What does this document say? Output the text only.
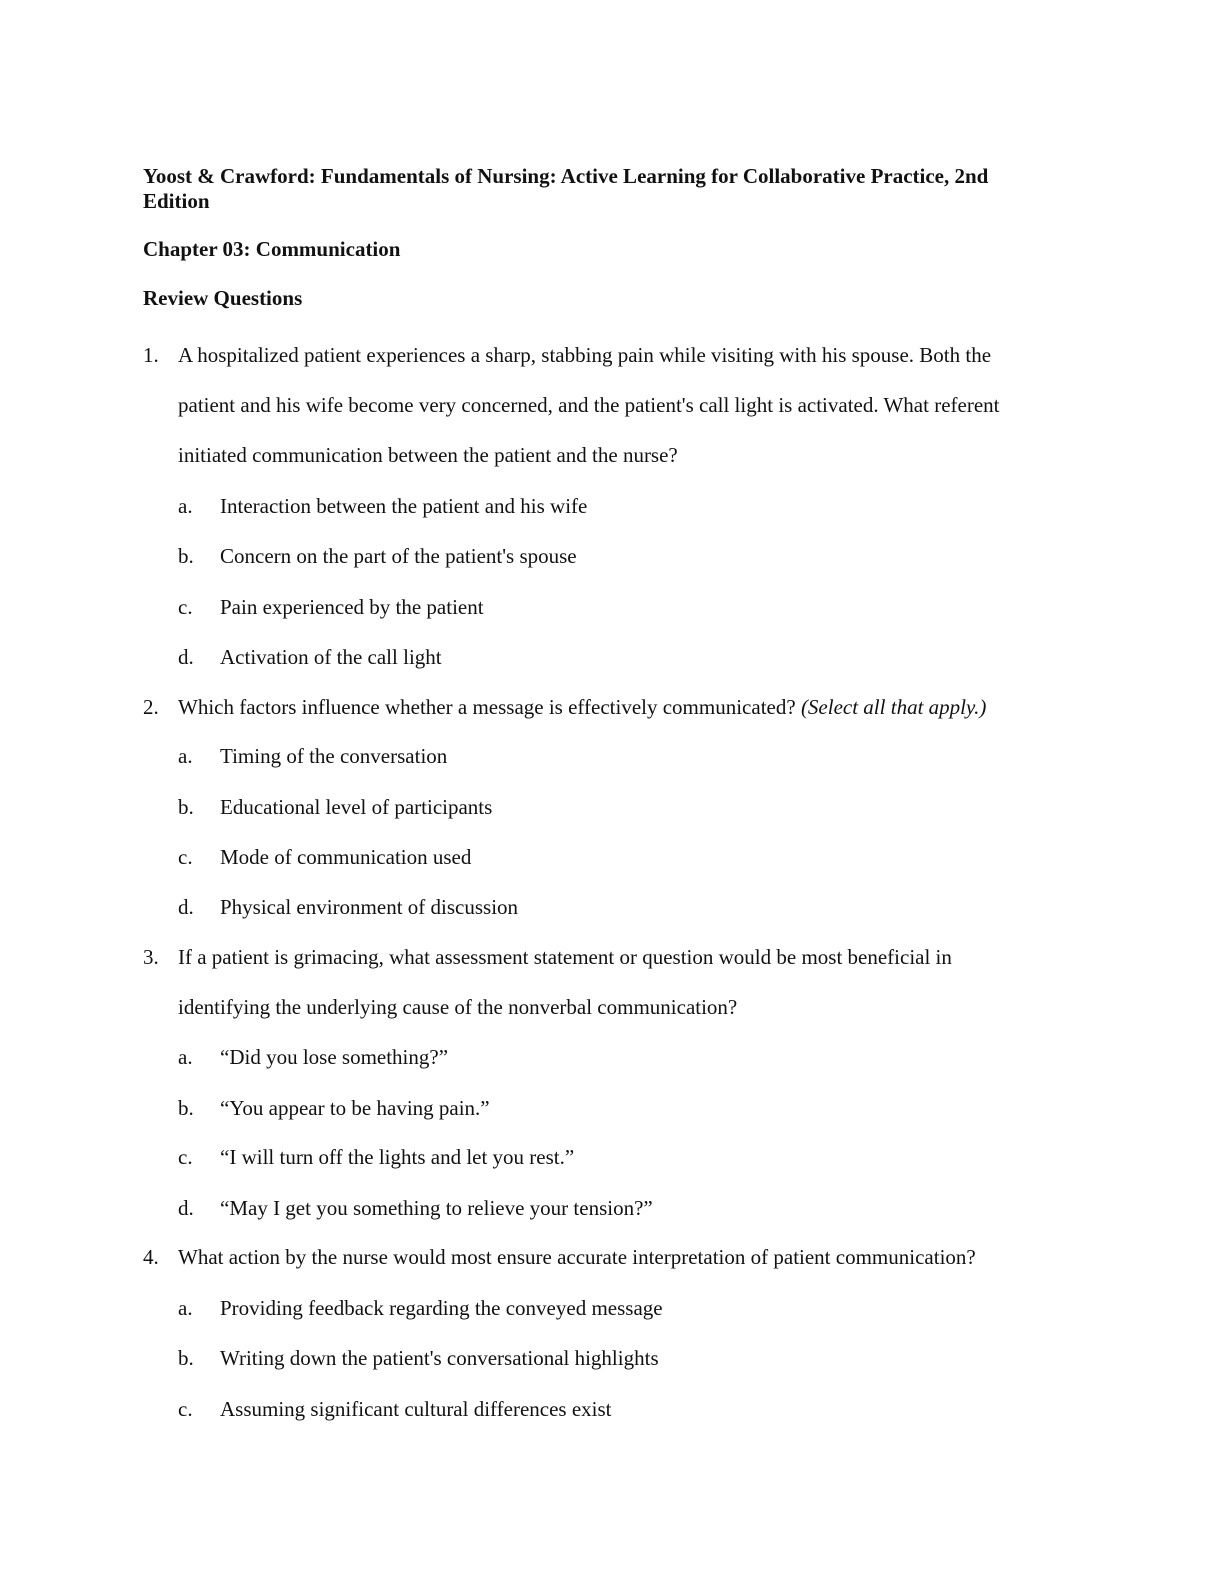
Yoost & Crawford: Fundamentals of Nursing: Active Learning for Collaborative Practice, 2nd Edition
Chapter 03: Communication
Review Questions
1. A hospitalized patient experiences a sharp, stabbing pain while visiting with his spouse. Both the
patient and his wife become very concerned, and the patient's call light is activated. What referent
initiated communication between the patient and the nurse?
a. Interaction between the patient and his wife
b. Concern on the part of the patient's spouse
c. Pain experienced by the patient
d. Activation of the call light
2. Which factors influence whether a message is effectively communicated? (Select all that apply.)
a. Timing of the conversation
b. Educational level of participants
c. Mode of communication used
d. Physical environment of discussion
3. If a patient is grimacing, what assessment statement or question would be most beneficial in
identifying the underlying cause of the nonverbal communication?
a. “Did you lose something?”
b. “You appear to be having pain.”
c. “I will turn off the lights and let you rest.”
d. “May I get you something to relieve your tension?”
4. What action by the nurse would most ensure accurate interpretation of patient communication?
a. Providing feedback regarding the conveyed message
b. Writing down the patient's conversational highlights
c. Assuming significant cultural differences exist
